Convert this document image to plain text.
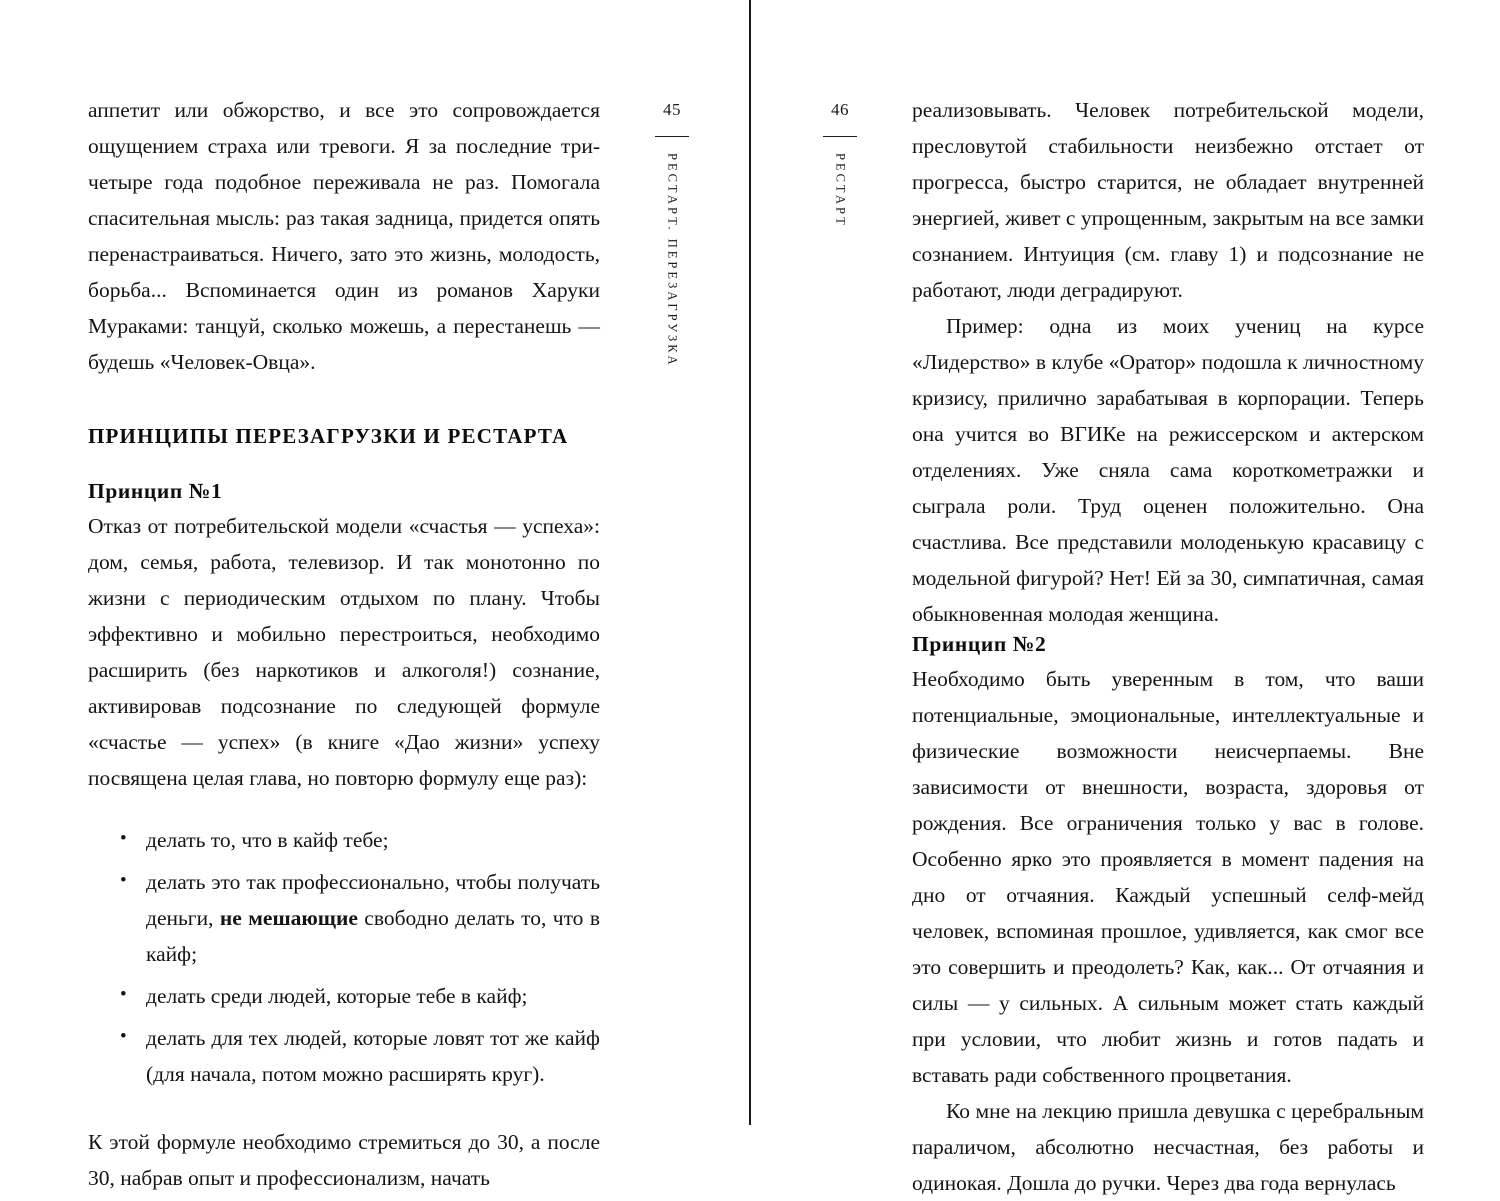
45
РЕСТАРТ. ПЕРЕЗАГРУЗКА

аппетит или обжорство, и все это сопровождается ощущением страха или тревоги. Я за последние три-четыре года подобное переживала не раз. Помогала спасительная мысль: раз такая задница, придется опять перенастраиваться. Ничего, зато это жизнь, молодость, борьба... Вспоминается один из романов Харуки Мураками: танцуй, сколько можешь, а перестанешь — будешь «Человек-Овца».

ПРИНЦИПЫ ПЕРЕЗАГРУЗКИ И РЕСТАРТА
Принцип №1

Отказ от потребительской модели «счастья — успеха»: дом, семья, работа, телевизор. И так монотонно по жизни с периодическим отдыхом по плану. Чтобы эффективно и мобильно перестроиться, необходимо расширить (без наркотиков и алкоголя!) сознание, активировав подсознание по следующей формуле «счастье — успех» (в книге «Дао жизни» успеху посвящена целая глава, но повторю формулу еще раз):

• делать то, что в кайф тебе;
• делать это так профессионально, чтобы получать деньги, не мешающие свободно делать то, что в кайф;
• делать среди людей, которые тебе в кайф;
• делать для тех людей, которые ловят тот же кайф (для начала, потом можно расширять круг).

К этой формуле необходимо стремиться до 30, а после 30, набрав опыт и профессионализм, начать

46
РЕСТАРТ

реализовывать. Человек потребительской модели, пресловутой стабильности неизбежно отстает от прогресса, быстро старится, не обладает внутренней энергией, живет с упрощенным, закрытым на все замки сознанием. Интуиция (см. главу 1) и подсознание не работают, люди деградируют.

Пример: одна из моих учениц на курсе «Лидерство» в клубе «Оратор» подошла к личностному кризису, прилично зарабатывая в корпорации. Теперь она учится во ВГИКе на режиссерском и актерском отделениях. Уже сняла сама короткометражки и сыграла роли. Труд оценен положительно. Она счастлива. Все представили молоденькую красавицу с модельной фигурой? Нет! Ей за 30, симпатичная, самая обыкновенная молодая женщина.

Принцип №2

Необходимо быть уверенным в том, что ваши потенциальные, эмоциональные, интеллектуальные и физические возможности неисчерпаемы. Вне зависимости от внешности, возраста, здоровья от рождения. Все ограничения только у вас в голове. Особенно ярко это проявляется в момент падения на дно от отчаяния. Каждый успешный селф-мейд человек, вспоминая прошлое, удивляется, как смог все это совершить и преодолеть? Как, как... От отчаяния и силы — у сильных. А сильным может стать каждый при условии, что любит жизнь и готов падать и вставать ради собственного процветания.

Ко мне на лекцию пришла девушка с церебральным параличом, абсолютно несчастная, без работы и одинокая. Дошла до ручки. Через два года вернулась
